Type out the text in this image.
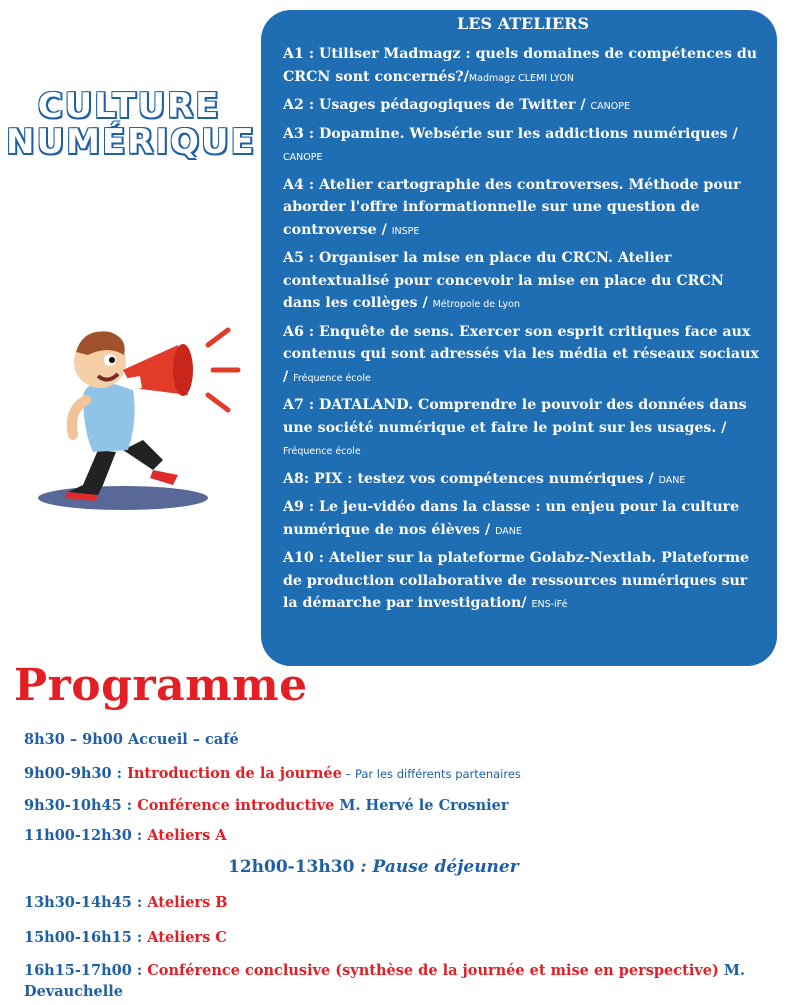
CULTURE
NUMÉRIQUE
LES ATELIERS
A1 : Utiliser Madmagz : quels domaines de compétences du CRCN sont concernés?/Madmagz CLEMI LYON
A2 : Usages pédagogiques de Twitter / CANOPE
A3 : Dopamine. Websérie sur les addictions numériques / CANOPE
A4 : Atelier cartographie des controverses. Méthode pour aborder l'offre informationnelle sur une question de controverse / INSPE
A5 : Organiser la mise en place du CRCN. Atelier contextualisé pour concevoir la mise en place du CRCN dans les collèges / Métropole de Lyon
A6 : Enquête de sens. Exercer son esprit critiques face aux contenus qui sont adressés via les média et réseaux sociaux / Fréquence école
A7 : DATALAND. Comprendre le pouvoir des données dans une société numérique et faire le point sur les usages. / Fréquence école
A8: PIX : testez vos compétences numériques / DANE
A9 : Le jeu-vidéo dans la classe : un enjeu pour la culture numérique de nos élèves / DANE
A10 : Atelier sur la plateforme Golabz-Nextlab. Plateforme de production collaborative de ressources numériques sur la démarche par investigation/ ENS-iFé
Programme
8h30 – 9h00 Accueil – café
9h00-9h30 : Introduction de la journée – Par les différents partenaires
9h30-10h45 : Conférence introductive M. Hervé le Crosnier
11h00-12h30 : Ateliers A
12h00-13h30 : Pause déjeuner
13h30-14h45 : Ateliers B
15h00-16h15 : Ateliers C
16h15-17h00 : Conférence conclusive (synthèse de la journée et mise en perspective) M. Devauchelle
